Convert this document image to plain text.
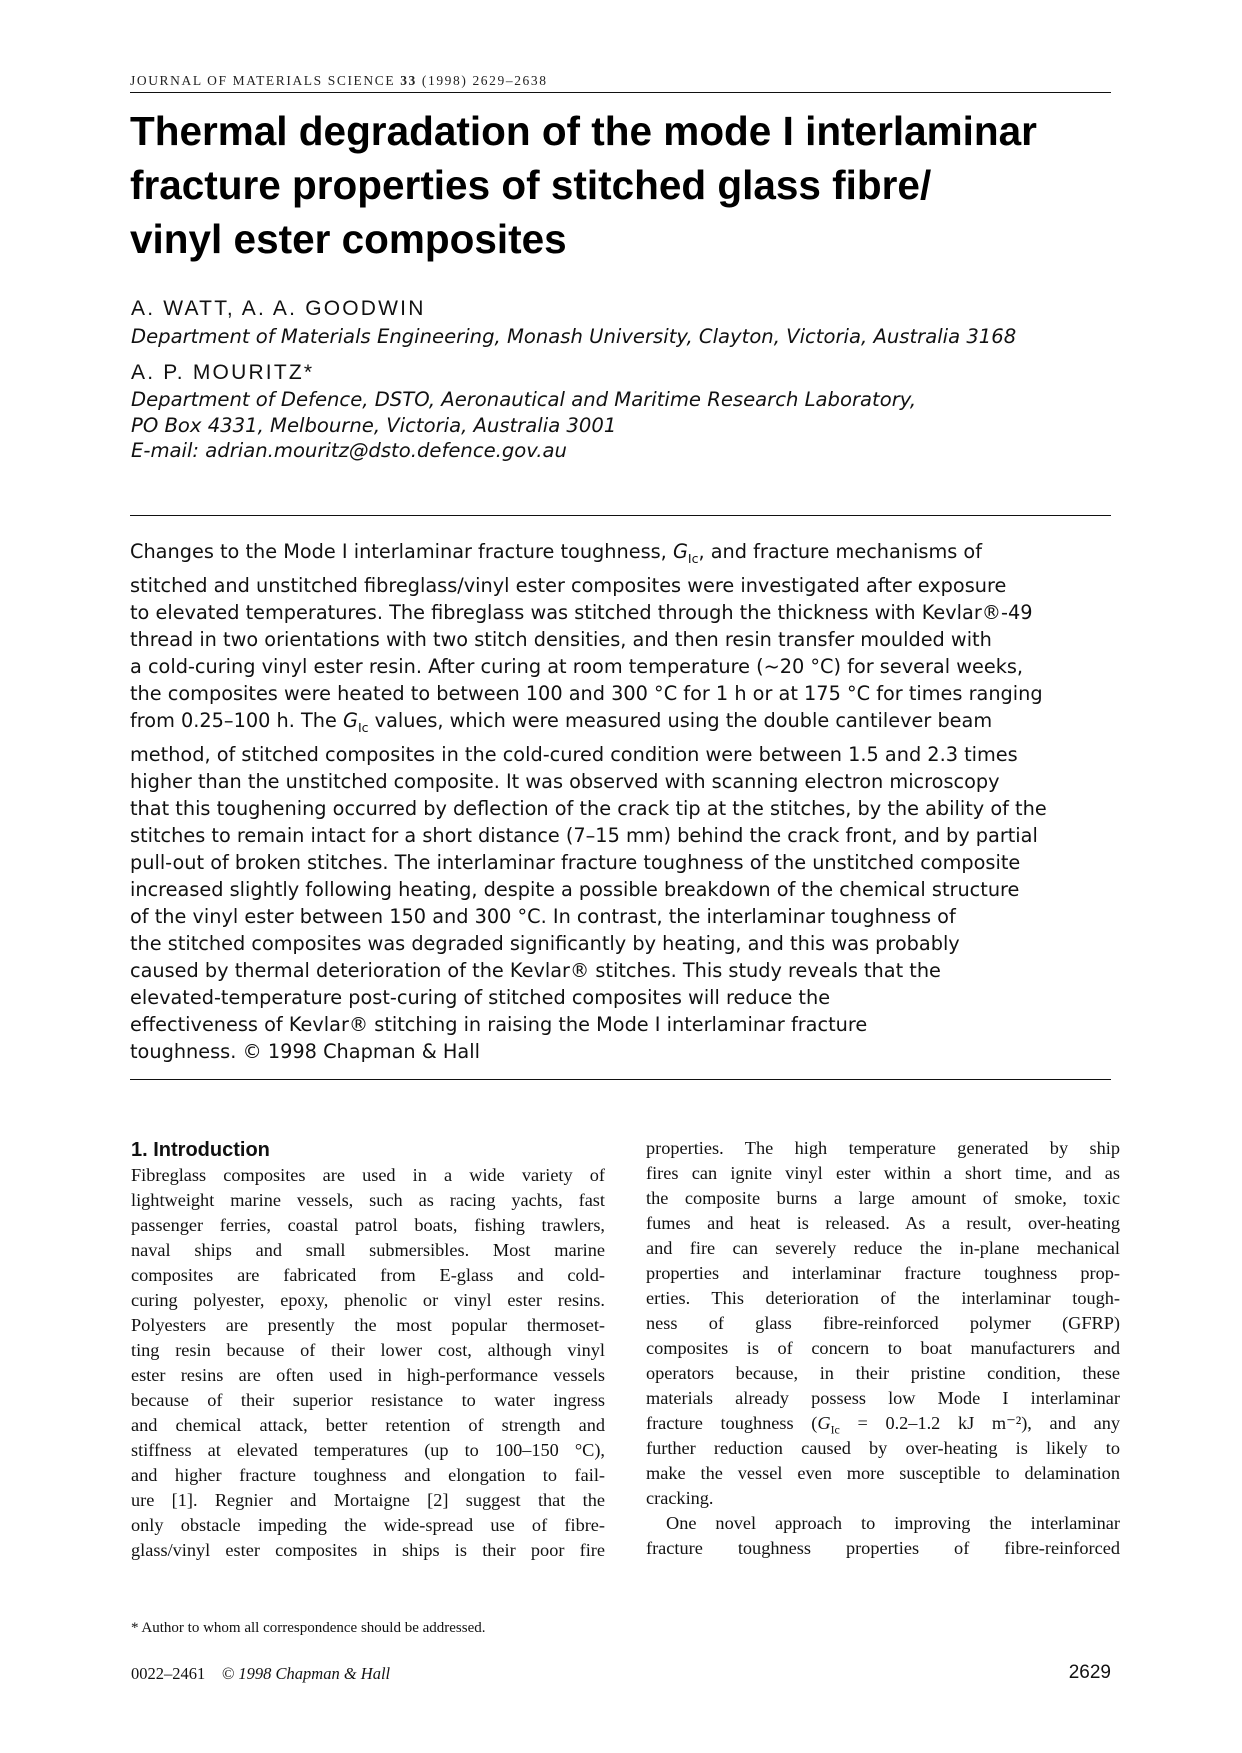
JOURNAL OF MATERIALS SCIENCE 33 (1998) 2629–2638
Thermal degradation of the mode I interlaminar
fracture properties of stitched glass fibre/
vinyl ester composites
A. WATT, A. A. GOODWIN
Department of Materials Engineering, Monash University, Clayton, Victoria, Australia 3168
A. P. MOURITZ*
Department of Defence, DSTO, Aeronautical and Maritime Research Laboratory,
PO Box 4331, Melbourne, Victoria, Australia 3001
E-mail: adrian.mouritz@dsto.defence.gov.au
Changes to the Mode I interlaminar fracture toughness, $G_{Ic}$, and fracture mechanisms of
stitched and unstitched fibreglass/vinyl ester composites were investigated after exposure
to elevated temperatures. The fibreglass was stitched through the thickness with Kevlar®-49
thread in two orientations with two stitch densities, and then resin transfer moulded with
a cold-curing vinyl ester resin. After curing at room temperature (~20 °C) for several weeks,
the composites were heated to between 100 and 300 °C for 1 h or at 175 °C for times ranging
from 0.25–100 h. The $G_{Ic}$ values, which were measured using the double cantilever beam
method, of stitched composites in the cold-cured condition were between 1.5 and 2.3 times
higher than the unstitched composite. It was observed with scanning electron microscopy
that this toughening occurred by deflection of the crack tip at the stitches, by the ability of the
stitches to remain intact for a short distance (7–15 mm) behind the crack front, and by partial
pull-out of broken stitches. The interlaminar fracture toughness of the unstitched composite
increased slightly following heating, despite a possible breakdown of the chemical structure
of the vinyl ester between 150 and 300 °C. In contrast, the interlaminar toughness of
the stitched composites was degraded significantly by heating, and this was probably
caused by thermal deterioration of the Kevlar® stitches. This study reveals that the
elevated-temperature post-curing of stitched composites will reduce the
effectiveness of Kevlar® stitching in raising the Mode I interlaminar fracture
toughness. © 1998 Chapman & Hall
1. Introduction
Fibreglass composites are used in a wide variety of
lightweight marine vessels, such as racing yachts, fast
passenger ferries, coastal patrol boats, fishing trawlers,
naval ships and small submersibles. Most marine
composites are fabricated from E-glass and cold-
curing polyester, epoxy, phenolic or vinyl ester resins.
Polyesters are presently the most popular thermoset-
ting resin because of their lower cost, although vinyl
ester resins are often used in high-performance vessels
because of their superior resistance to water ingress
and chemical attack, better retention of strength and
stiffness at elevated temperatures (up to 100–150 °C),
and higher fracture toughness and elongation to fail-
ure [1]. Regnier and Mortaigne [2] suggest that the
only obstacle impeding the wide-spread use of fibre-
glass/vinyl ester composites in ships is their poor fire
properties. The high temperature generated by ship
fires can ignite vinyl ester within a short time, and as
the composite burns a large amount of smoke, toxic
fumes and heat is released. As a result, over-heating
and fire can severely reduce the in-plane mechanical
properties and interlaminar fracture toughness prop-
erties. This deterioration of the interlaminar tough-
ness of glass fibre-reinforced polymer (GFRP)
composites is of concern to boat manufacturers and
operators because, in their pristine condition, these
materials already possess low Mode I interlaminar
fracture toughness ($G_{Ic} = 0.2-1.2$ kJ m⁻²), and any
further reduction caused by over-heating is likely to
make the vessel even more susceptible to delamination
cracking.
One novel approach to improving the interlaminar
fracture toughness properties of fibre-reinforced
* Author to whom all correspondence should be addressed.
0022–2461 © 1998 Chapman & Hall	2629
